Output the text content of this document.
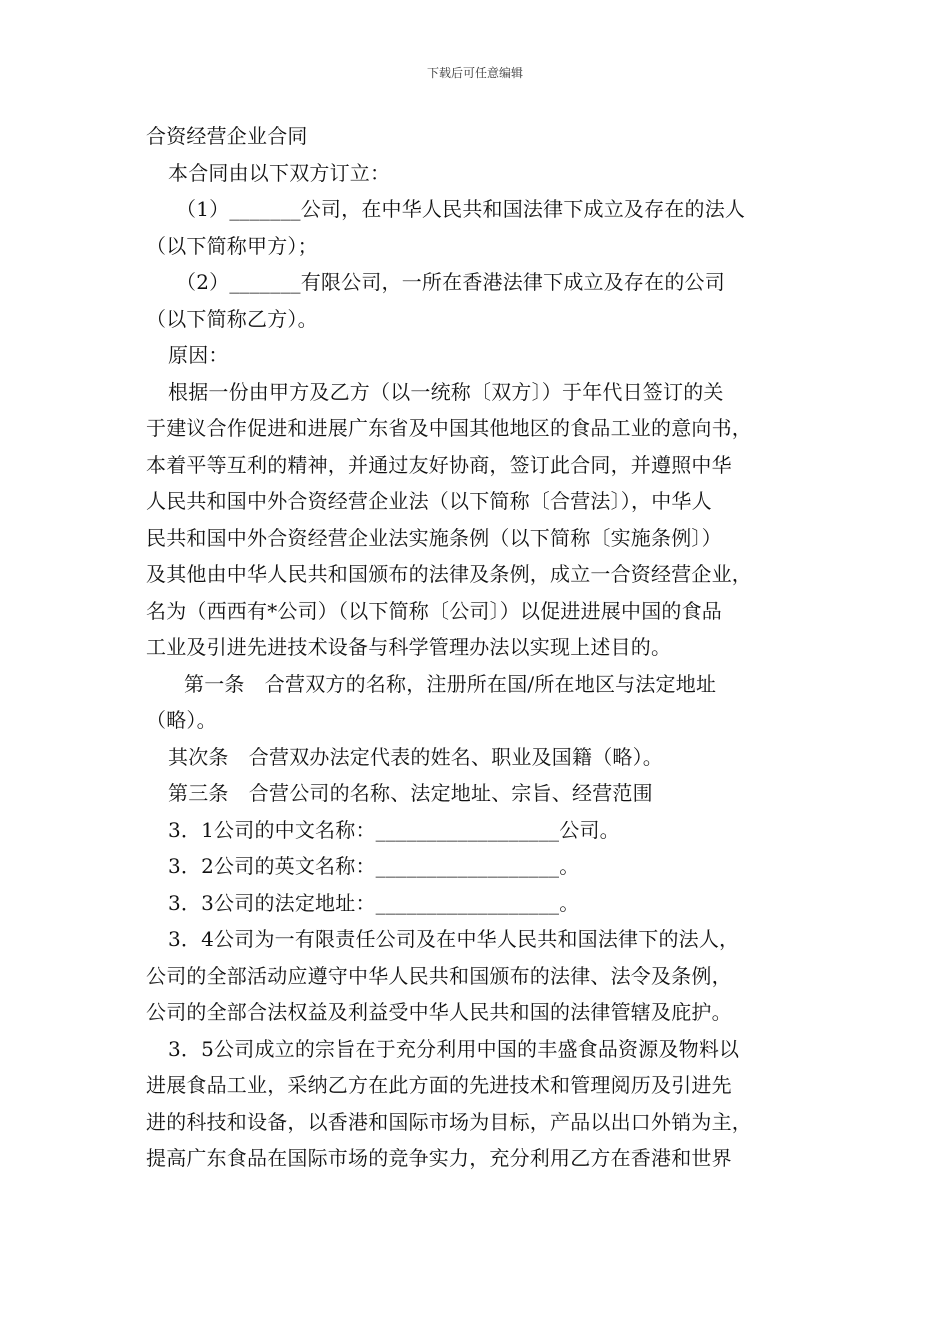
下载后可任意编辑
合资经营企业合同
本合同由以下双方订立：
（1）_______公司，在中华人民共和国法律下成立及存在的法人
（以下简称甲方）；
（2）_______有限公司，一所在香港法律下成立及存在的公司
（以下简称乙方）。
原因：
根据一份由甲方及乙方（以一统称〔双方〕）于年代日签订的关
于建议合作促进和进展广东省及中国其他地区的食品工业的意向书，
本着平等互利的精神，并通过友好协商，签订此合同，并遵照中华
人民共和国中外合资经营企业法（以下简称〔合营法〕），中华人
民共和国中外合资经营企业法实施条例（以下简称〔实施条例〕）
及其他由中华人民共和国颁布的法律及条例，成立一合资经营企业，
名为（西西有*公司）（以下简称〔公司〕）以促进进展中国的食品
工业及引进先进技术设备与科学管理办法以实现上述目的。
第一条　合营双方的名称，注册所在国/所在地区与法定地址
（略）。
其次条　合营双办法定代表的姓名、职业及国籍（略）。
第三条　合营公司的名称、法定地址、宗旨、经营范围
3．1公司的中文名称：__________________公司。
3．2公司的英文名称：__________________。
3．3公司的法定地址：__________________。
3．4公司为一有限责任公司及在中华人民共和国法律下的法人，
公司的全部活动应遵守中华人民共和国颁布的法律、法令及条例，
公司的全部合法权益及利益受中华人民共和国的法律管辖及庇护。
3．5公司成立的宗旨在于充分利用中国的丰盛食品资源及物料以
进展食品工业，采纳乙方在此方面的先进技术和管理阅历及引进先
进的科技和设备，以香港和国际市场为目标，产品以出口外销为主，
提高广东食品在国际市场的竞争实力，充分利用乙方在香港和世界
